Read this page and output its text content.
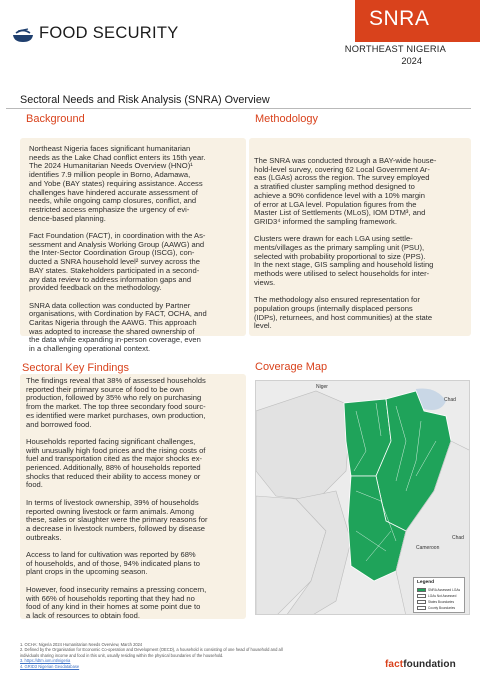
FOOD SECURITY
SNRA
NORTHEAST NIGERIA
2024
Sectoral Needs and Risk Analysis (SNRA) Overview
Background
Northeast Nigeria faces significant humanitarian
needs as the Lake Chad conflict enters its 15th year.
The 2024 Humanitarian Needs Overview (HNO)¹
identifies 7.9 million people in Borno, Adamawa,
and Yobe (BAY states) requiring assistance. Access
challenges have hindered accurate assessment of
needs, while ongoing camp closures, conflict, and
restricted access emphasize the urgency of evi-
dence-based planning.
Fact Foundation (FACT), in coordination with the As-
sessment and Analysis Working Group (AAWG) and
the Inter-Sector Coordination Group (ISCG), con-
ducted a SNRA household level² survey across the
BAY states. Stakeholders participated in a second-
ary data review to address information gaps and
provided feedback on the methodology.
SNRA data collection was conducted by Partner
organisations, with Cordination by FACT, OCHA, and
Caritas Nigeria through the AAWG. This approach
was adopted to increase the shared ownership of
the data while expanding in-person coverage, even
in a challenging operational context.
Methodology
The SNRA was conducted through a BAY-wide house-
hold-level survey, covering 62 Local Government Ar-
eas (LGAs) across the region. The survey employed
a stratified cluster sampling method designed to
achieve a 90% confidence level with a 10% margin
of error at LGA level. Population figures from the
Master List of Settlements (MLoS), IOM DTM³, and
GRID3⁴ informed the sampling framework.
Clusters were drawn for each LGA using settle-
ments/villages as the primary sampling unit (PSU),
selected with probability proportional to size (PPS).
In the next stage, GIS sampling and household listing
methods were utilised to select households for inter-
views.
The methodology also ensured representation for
population groups (internally displaced persons
(IDPs), returnees, and host communities) at the state
level.
Sectoral Key Findings
The findings reveal that 38% of assessed households
reported their primary source of food to be own
production, followed by 35% who rely on purchasing
from the market. The top three secondary food sourc-
es identified were market purchases, own production,
and borrowed food.
Households reported facing significant challenges,
with unusually high food prices and the rising costs of
fuel and transportation cited as the major shocks ex-
perienced. Additionally, 88% of households reported
shocks that reduced their ability to access money or
food.
In terms of livestock ownership, 39% of households
reported owning livestock or farm animals. Among
these, sales or slaughter were the primary reasons for
a decrease in livestock numbers, followed by disease
outbreaks.
Access to land for cultivation was reported by 68%
of households, and of those, 94% indicated plans to
plant crops in the upcoming season.
However, food insecurity remains a pressing concern,
with 66% of households reporting that they had no
food of any kind in their homes at some point due to
a lack of resources to obtain food.
Coverage Map
Niger
Chad
Chad
Cameroon
Legend
SNRA Assessed LGAs
LGAs Not Assessed
States Boundaries
County Boundaries
1. OCHA: Nigeria 2024 Humanitarian Needs Overview, March 2024
2. Defined by the Organisation for Economic Co-operation and Development (OECD), a household is consisting of one head of household and all
individuals sharing income and food in this unit, usually residing within the physical boundaries of the household.
3. https://dtm.iom.int/nigeria
4. GRID3 Nigerian Geodatabase	factfoundation
